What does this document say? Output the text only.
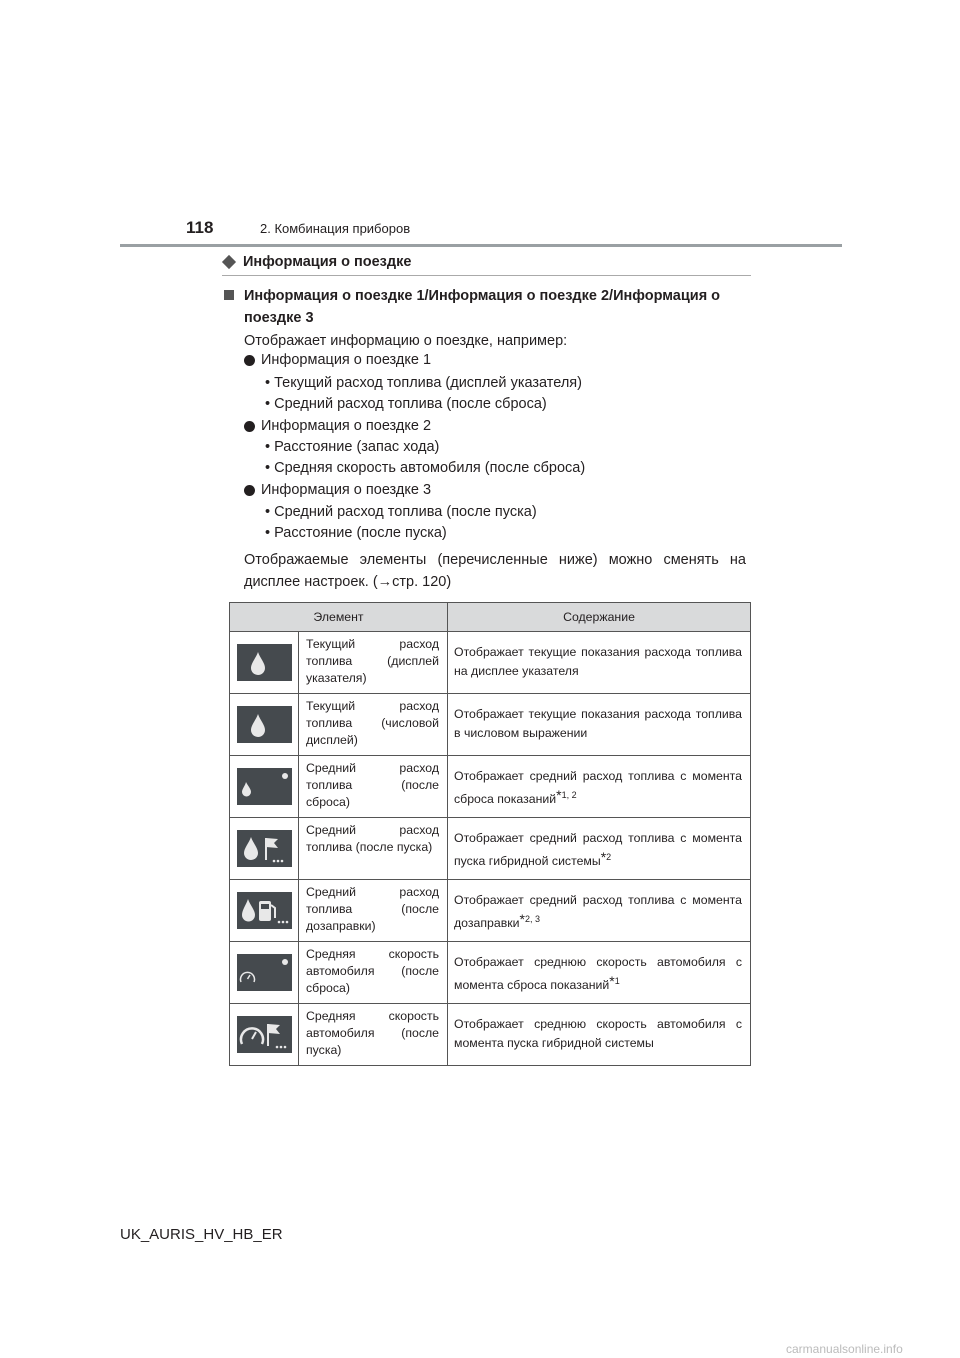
118	2. Комбинация приборов
Информация о поездке
Информация о поездке 1/Информация о поездке 2/Информация о поездке 3
Отображает информацию о поездке, например:
Информация о поездке 1
• Текущий расход топлива (дисплей указателя)
• Средний расход топлива (после сброса)
Информация о поездке 2
• Расстояние (запас хода)
• Средняя скорость автомобиля (после сброса)
Информация о поездке 3
• Средний расход топлива (после пуска)
• Расстояние (после пуска)
Отображаемые элементы (перечисленные ниже) можно сменять на
дисплее настроек. (→стр. 120)
Элемент		Содержание

	Текущий расход топлива (дисплей указателя)	Отображает текущие показания расхода топлива на дисплее указателя

	Текущий расход топлива (числовой дисплей)	Отображает текущие показания расхода топлива в числовом выражении

	Средний расход топлива (после сброса)	Отображает средний расход топлива с момента сброса показаний*$^{1, 2}$

	Средний расход топлива (после пуска)	Отображает средний расход топлива с момента пуска гибридной системы*$^2$

	Средний расход топлива (после дозаправки)	Отображает средний расход топлива с момента дозаправки*$^{2, 3}$

	Средняя скорость автомобиля (после сброса)	Отображает среднюю скорость автомобиля с момента сброса показаний*$^1$

	Средняя скорость автомобиля (после пуска)	Отображает среднюю скорость автомобиля с момента пуска гибридной системы
UK_AURIS_HV_HB_ER
carmanualsonline.info
